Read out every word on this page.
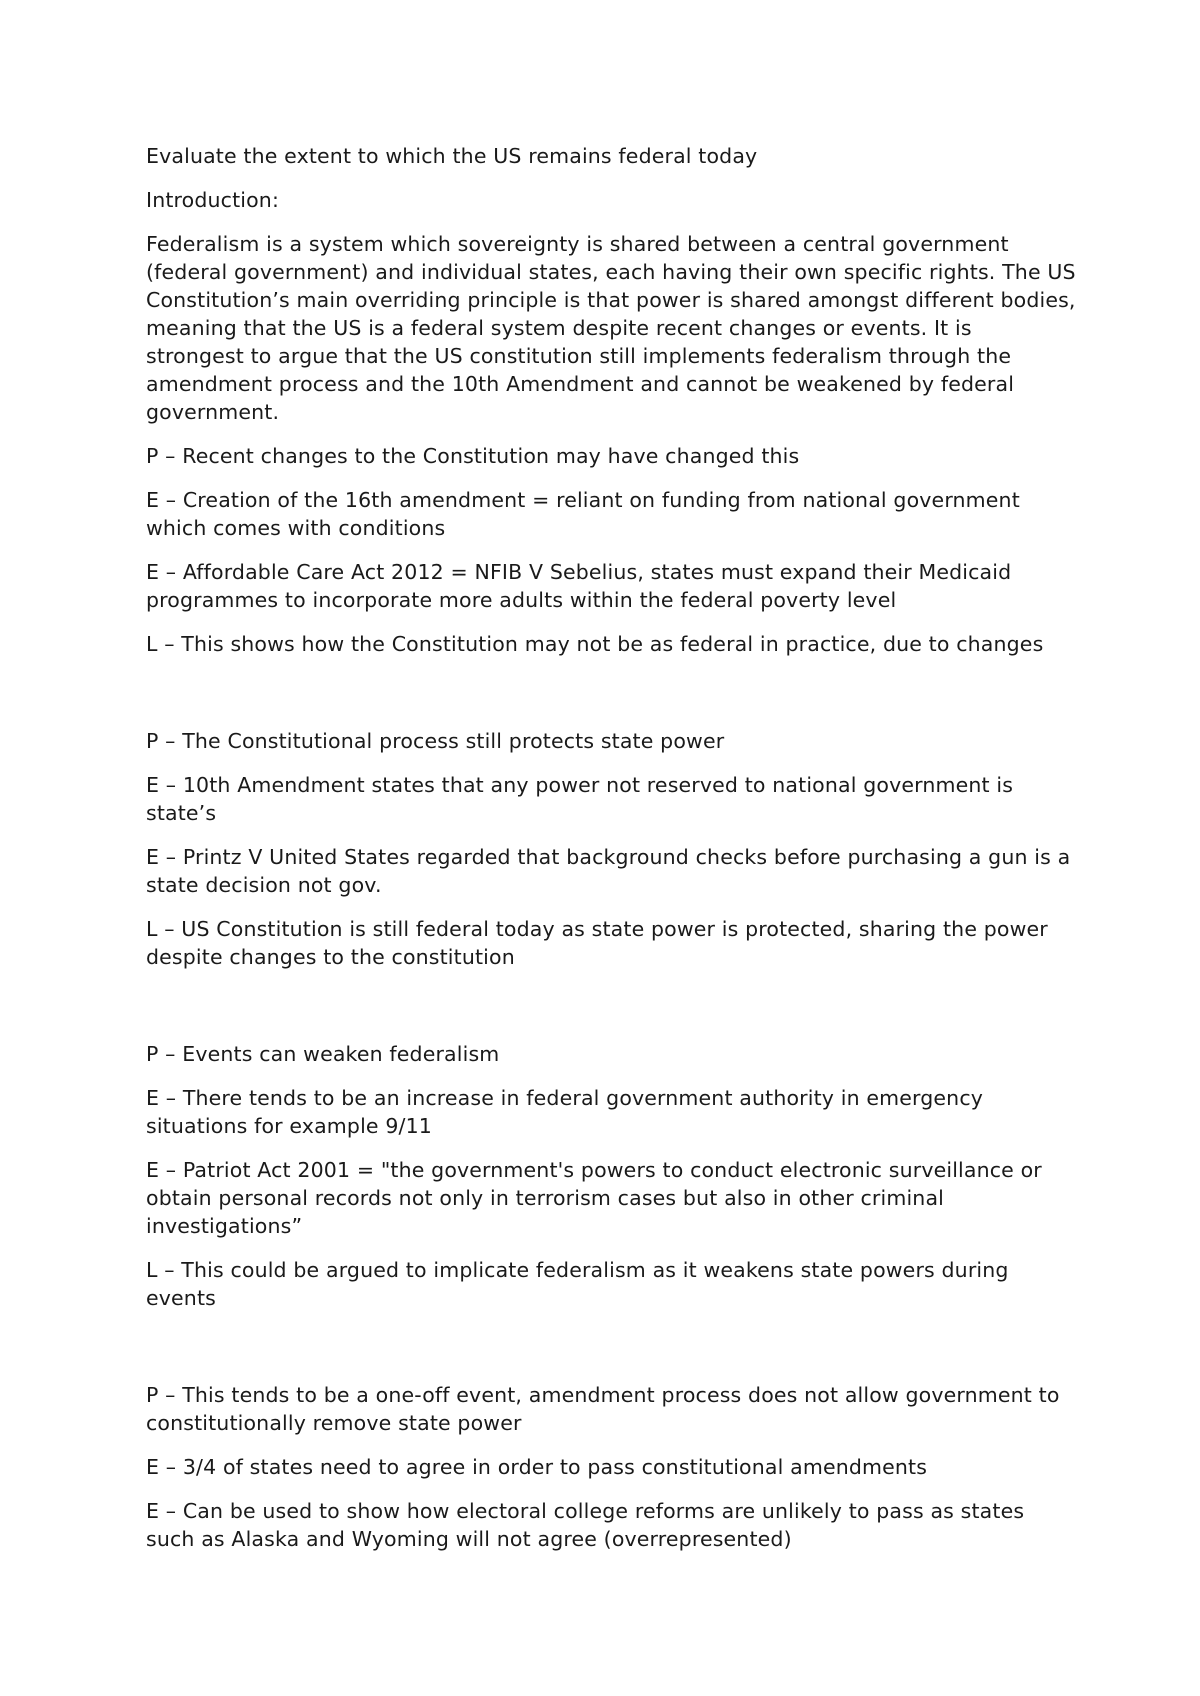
Evaluate the extent to which the US remains federal today

Introduction:

Federalism is a system which sovereignty is shared between a central government (federal government) and individual states, each having their own specific rights. The US Constitution’s main overriding principle is that power is shared amongst different bodies, meaning that the US is a federal system despite recent changes or events. It is strongest to argue that the US constitution still implements federalism through the amendment process and the 10th Amendment and cannot be weakened by federal government.

P – Recent changes to the Constitution may have changed this

E – Creation of the 16th amendment = reliant on funding from national government which comes with conditions

E – Affordable Care Act 2012 = NFIB V Sebelius, states must expand their Medicaid programmes to incorporate more adults within the federal poverty level

L – This shows how the Constitution may not be as federal in practice, due to changes

P – The Constitutional process still protects state power

E – 10th Amendment states that any power not reserved to national government is state’s

E – Printz V United States regarded that background checks before purchasing a gun is a state decision not gov.

L – US Constitution is still federal today as state power is protected, sharing the power despite changes to the constitution

P – Events can weaken federalism

E – There tends to be an increase in federal government authority in emergency situations for example 9/11

E – Patriot Act 2001 = "the government's powers to conduct electronic surveillance or obtain personal records not only in terrorism cases but also in other criminal investigations”

L – This could be argued to implicate federalism as it weakens state powers during events

P – This tends to be a one-off event, amendment process does not allow government to constitutionally remove state power

E – 3/4 of states need to agree in order to pass constitutional amendments

E – Can be used to show how electoral college reforms are unlikely to pass as states such as Alaska and Wyoming will not agree (overrepresented)
